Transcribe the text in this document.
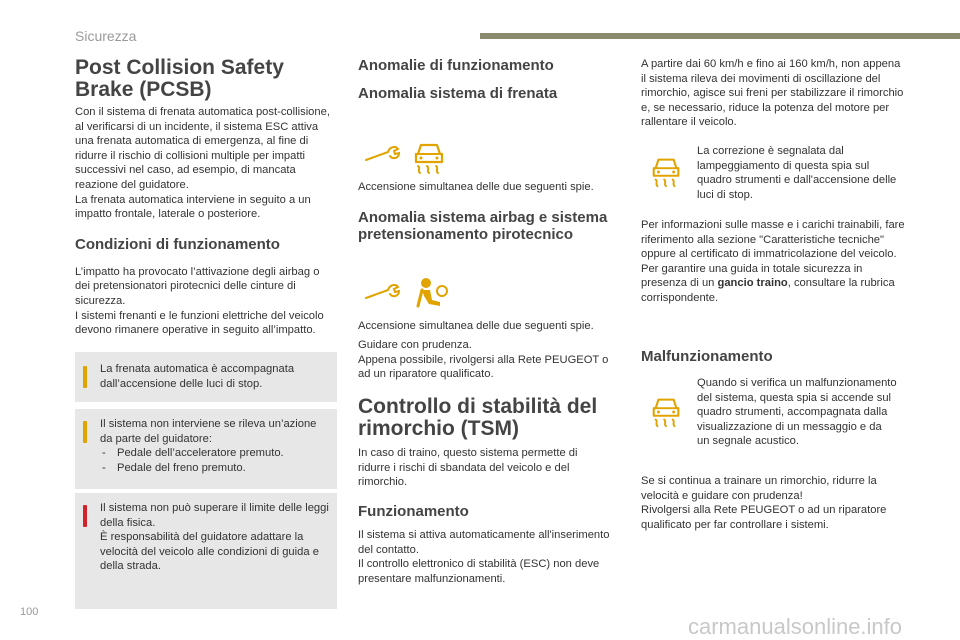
Sicurezza
Post Collision Safety Brake (PCSB)

Con il sistema di frenata automatica post-collisione, al verificarsi di un incidente, il sistema ESC attiva una frenata automatica di emergenza, al fine di ridurre il rischio di collisioni multiple per impatti successivi nel caso, ad esempio, di mancata reazione del guidatore.

La frenata automatica interviene in seguito a un impatto frontale, laterale o posteriore.

Condizioni di funzionamento

L’impatto ha provocato l’attivazione degli airbag o dei pretensionatori pirotecnici delle cinture di sicurezza.

I sistemi frenanti e le funzioni elettriche del veicolo devono rimanere operative in seguito all’impatto.

La frenata automatica è accompagnata dall’accensione delle luci di stop.

Il sistema non interviene se rileva un’azione da parte del guidatore:

- Pedale dell’acceleratore premuto.
- Pedale del freno premuto.

Il sistema non può superare il limite delle leggi della fisica.

È responsabilità del guidatore adattare la velocità del veicolo alle condizioni di guida e della strada.

Anomalie di funzionamento
Anomalia sistema di frenata

Accensione simultanea delle due seguenti spie.

Anomalia sistema airbag e sistema pretensionamento pirotecnico

Accensione simultanea delle due seguenti spie.

Guidare con prudenza.

Appena possibile, rivolgersi alla Rete PEUGEOT o ad un riparatore qualificato.

Controllo di stabilità del rimorchio (TSM)

In caso di traino, questo sistema permette di ridurre i rischi di sbandata del veicolo e del rimorchio.

Funzionamento

Il sistema si attiva automaticamente all'inserimento del contatto.

Il controllo elettronico di stabilità (ESC) non deve presentare malfunzionamenti.

A partire dai 60 km/h e fino ai 160 km/h, non appena il sistema rileva dei movimenti di oscillazione del rimorchio, agisce sui freni per stabilizzare il rimorchio e, se necessario, riduce la potenza del motore per rallentare il veicolo.

La correzione è segnalata dal lampeggiamento di questa spia sul quadro strumenti e dall'accensione delle luci di stop.

Per informazioni sulle masse e i carichi trainabili, fare riferimento alla sezione "Caratteristiche tecniche" oppure al certificato di immatricolazione del veicolo.

Per garantire una guida in totale sicurezza in presenza di un gancio traino, consultare la rubrica corrispondente.

Malfunzionamento

Quando si verifica un malfunzionamento del sistema, questa spia si accende sul quadro strumenti, accompagnata dalla visualizzazione di un messaggio e da un segnale acustico.

Se si continua a trainare un rimorchio, ridurre la velocità e guidare con prudenza!

Rivolgersi alla Rete PEUGEOT o ad un riparatore qualificato per far controllare i sistemi.

100
carmanualsonline.info
